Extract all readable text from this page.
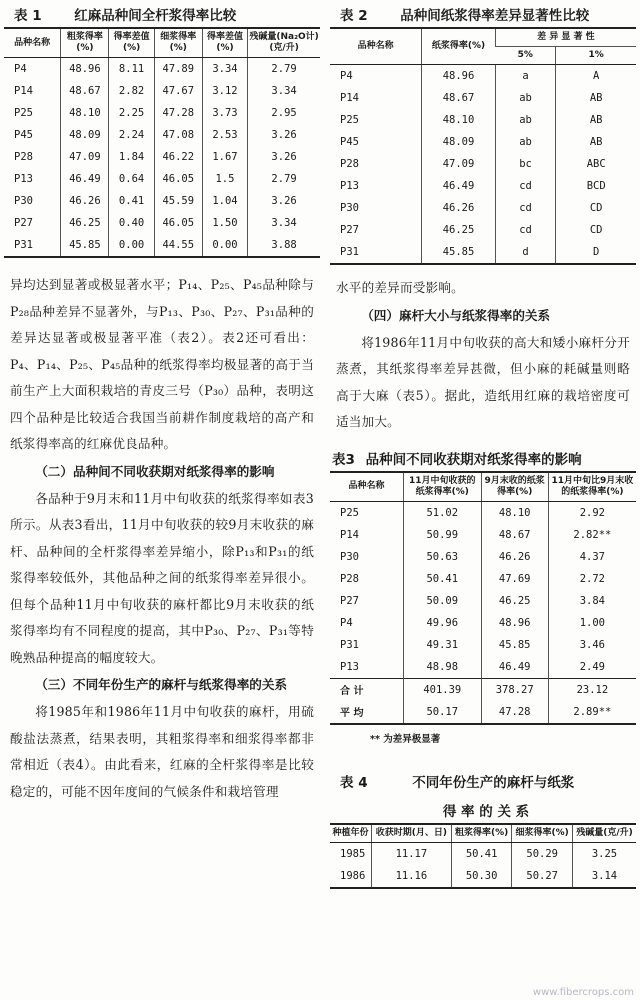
表 1 红麻品种间全杆浆得率比较
品种名称	粗浆得率(%)	得率差值(%)	细浆得率(%)	得率差值(%)	残碱量(Na₂O计)(克/升)
P4	48.96	8.11	47.89	3.34	2.79
P14	48.67	2.82	47.67	3.12	3.34
P25	48.10	2.25	47.28	3.73	2.95
P45	48.09	2.24	47.08	2.53	3.26
P28	47.09	1.84	46.22	1.67	3.26
P13	46.49	0.64	46.05	1.5	2.79
P30	46.26	0.41	45.59	1.04	3.26
P27	46.25	0.40	46.05	1.50	3.34
P31	45.85	0.00	44.55	0.00	3.88

异均达到显著或极显著水平；P₁₄、P₂₅、P₄₅品种除与P₂₈品种差异不显著外，与P₁₃、P₃₀、P₂₇、P₃₁品种的差异达显著或极显著平准（表2）。表2还可看出：P₄、P₁₄、P₂₅、P₄₅品种的纸浆得率均极显著的高于当前生产上大面积栽培的青皮三号（P₃₀）品种，表明这四个品种是比较适合我国当前耕作制度栽培的高产和纸浆得率高的红麻优良品种。

（二）品种间不同收获期对纸浆得率的影响

各品种于9月末和11月中旬收获的纸浆得率如表3所示。从表3看出，11月中旬收获的较9月末收获的麻杆、品种间的全杆浆得率差异缩小，除P₁₃和P₃₁的纸浆得率较低外，其他品种之间的纸浆得率差异很小。但每个品种11月中旬收获的麻杆都比9月末收获的纸浆得率均有不同程度的提高，其中P₃₀、P₂₇、P₃₁等特晚熟品种提高的幅度较大。

（三）不同年份生产的麻杆与纸浆得率的关系

将1985年和1986年11月中旬收获的麻杆，用硫酸盐法蒸煮，结果表明，其粗浆得率和细浆得率都非常相近（表4）。由此看来，红麻的全杆浆得率是比较稳定的，可能不因年度间的气候条件和栽培管理

表 2 品种间纸浆得率差异显著性比较
品种名称	纸浆得率(%)	差 异 显 著 性	
		5%	1%
P4	48.96	a	A
P14	48.67	ab	AB
P25	48.10	ab	AB
P45	48.09	ab	AB
P28	47.09	bc	ABC
P13	46.49	cd	BCD
P30	46.26	cd	CD
P27	46.25	cd	CD
P31	45.85	d	D

水平的差异而受影响。

（四）麻杆大小与纸浆得率的关系

将1986年11月中旬收获的高大和矮小麻杆分开蒸煮，其纸浆得率差异甚微，但小麻的耗碱量则略高于大麻（表5）。据此，造纸用红麻的栽培密度可适当加大。

表3 品种间不同收获期对纸浆得率的影响
品种名称	11月中旬收获的纸浆得率(%)	9月末收的纸浆得率(%)	11月中旬比9月末收的纸浆得率(%)
P25	51.02	48.10	2.92
P14	50.99	48.67	2.82**
P30	50.63	46.26	4.37
P28	50.41	47.69	2.72
P27	50.09	46.25	3.84
P4	49.96	48.96	1.00
P31	49.31	45.85	3.46
P13	48.98	46.49	2.49
合 计	401.39	378.27	23.12
平 均	50.17	47.28	2.89**
** 为差异极显著
表 4	不同年份生产的麻杆与纸浆
得 率 的 关 系
种植年份	收获时期(月、日)	粗浆得率(%)	细浆得率(%)	残碱量(克/升)
1985	11.17	50.41	50.29	3.25
1986	11.16	50.30	50.27	3.14
www.fibercrops.com
